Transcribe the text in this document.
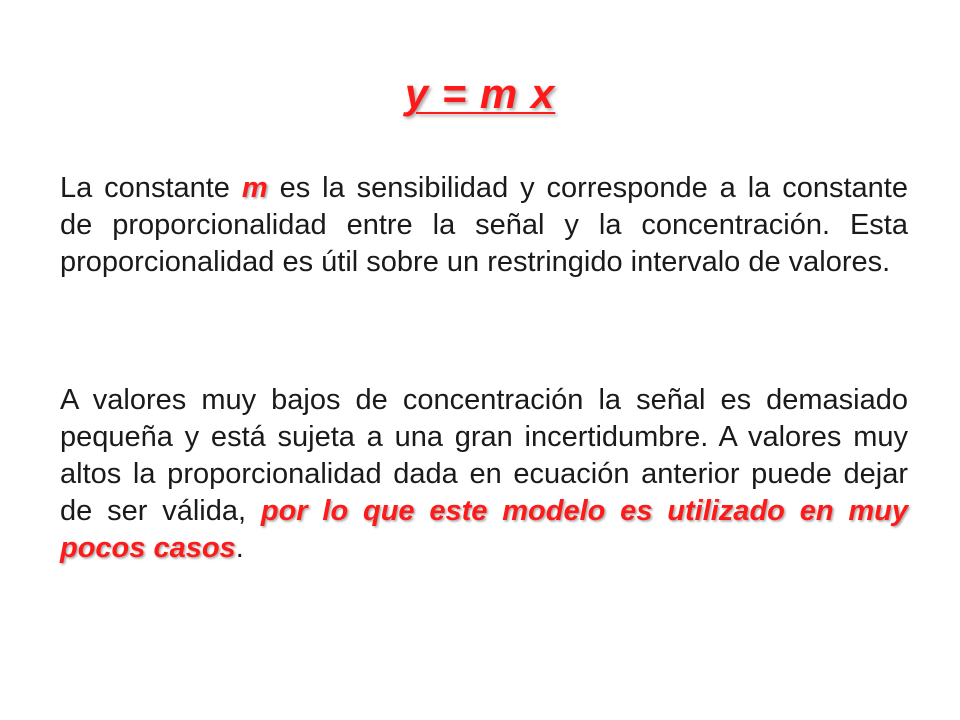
y = m x

La constante m es la sensibilidad y corresponde a la constante de proporcionalidad entre la señal y la concentración. Esta proporcionalidad es útil sobre un restringido intervalo de valores.

A valores muy bajos de concentración la señal es demasiado pequeña y está sujeta a una gran incertidumbre. A valores muy altos la proporcionalidad dada en ecuación anterior puede dejar de ser válida, por lo que este modelo es utilizado en muy pocos casos.
